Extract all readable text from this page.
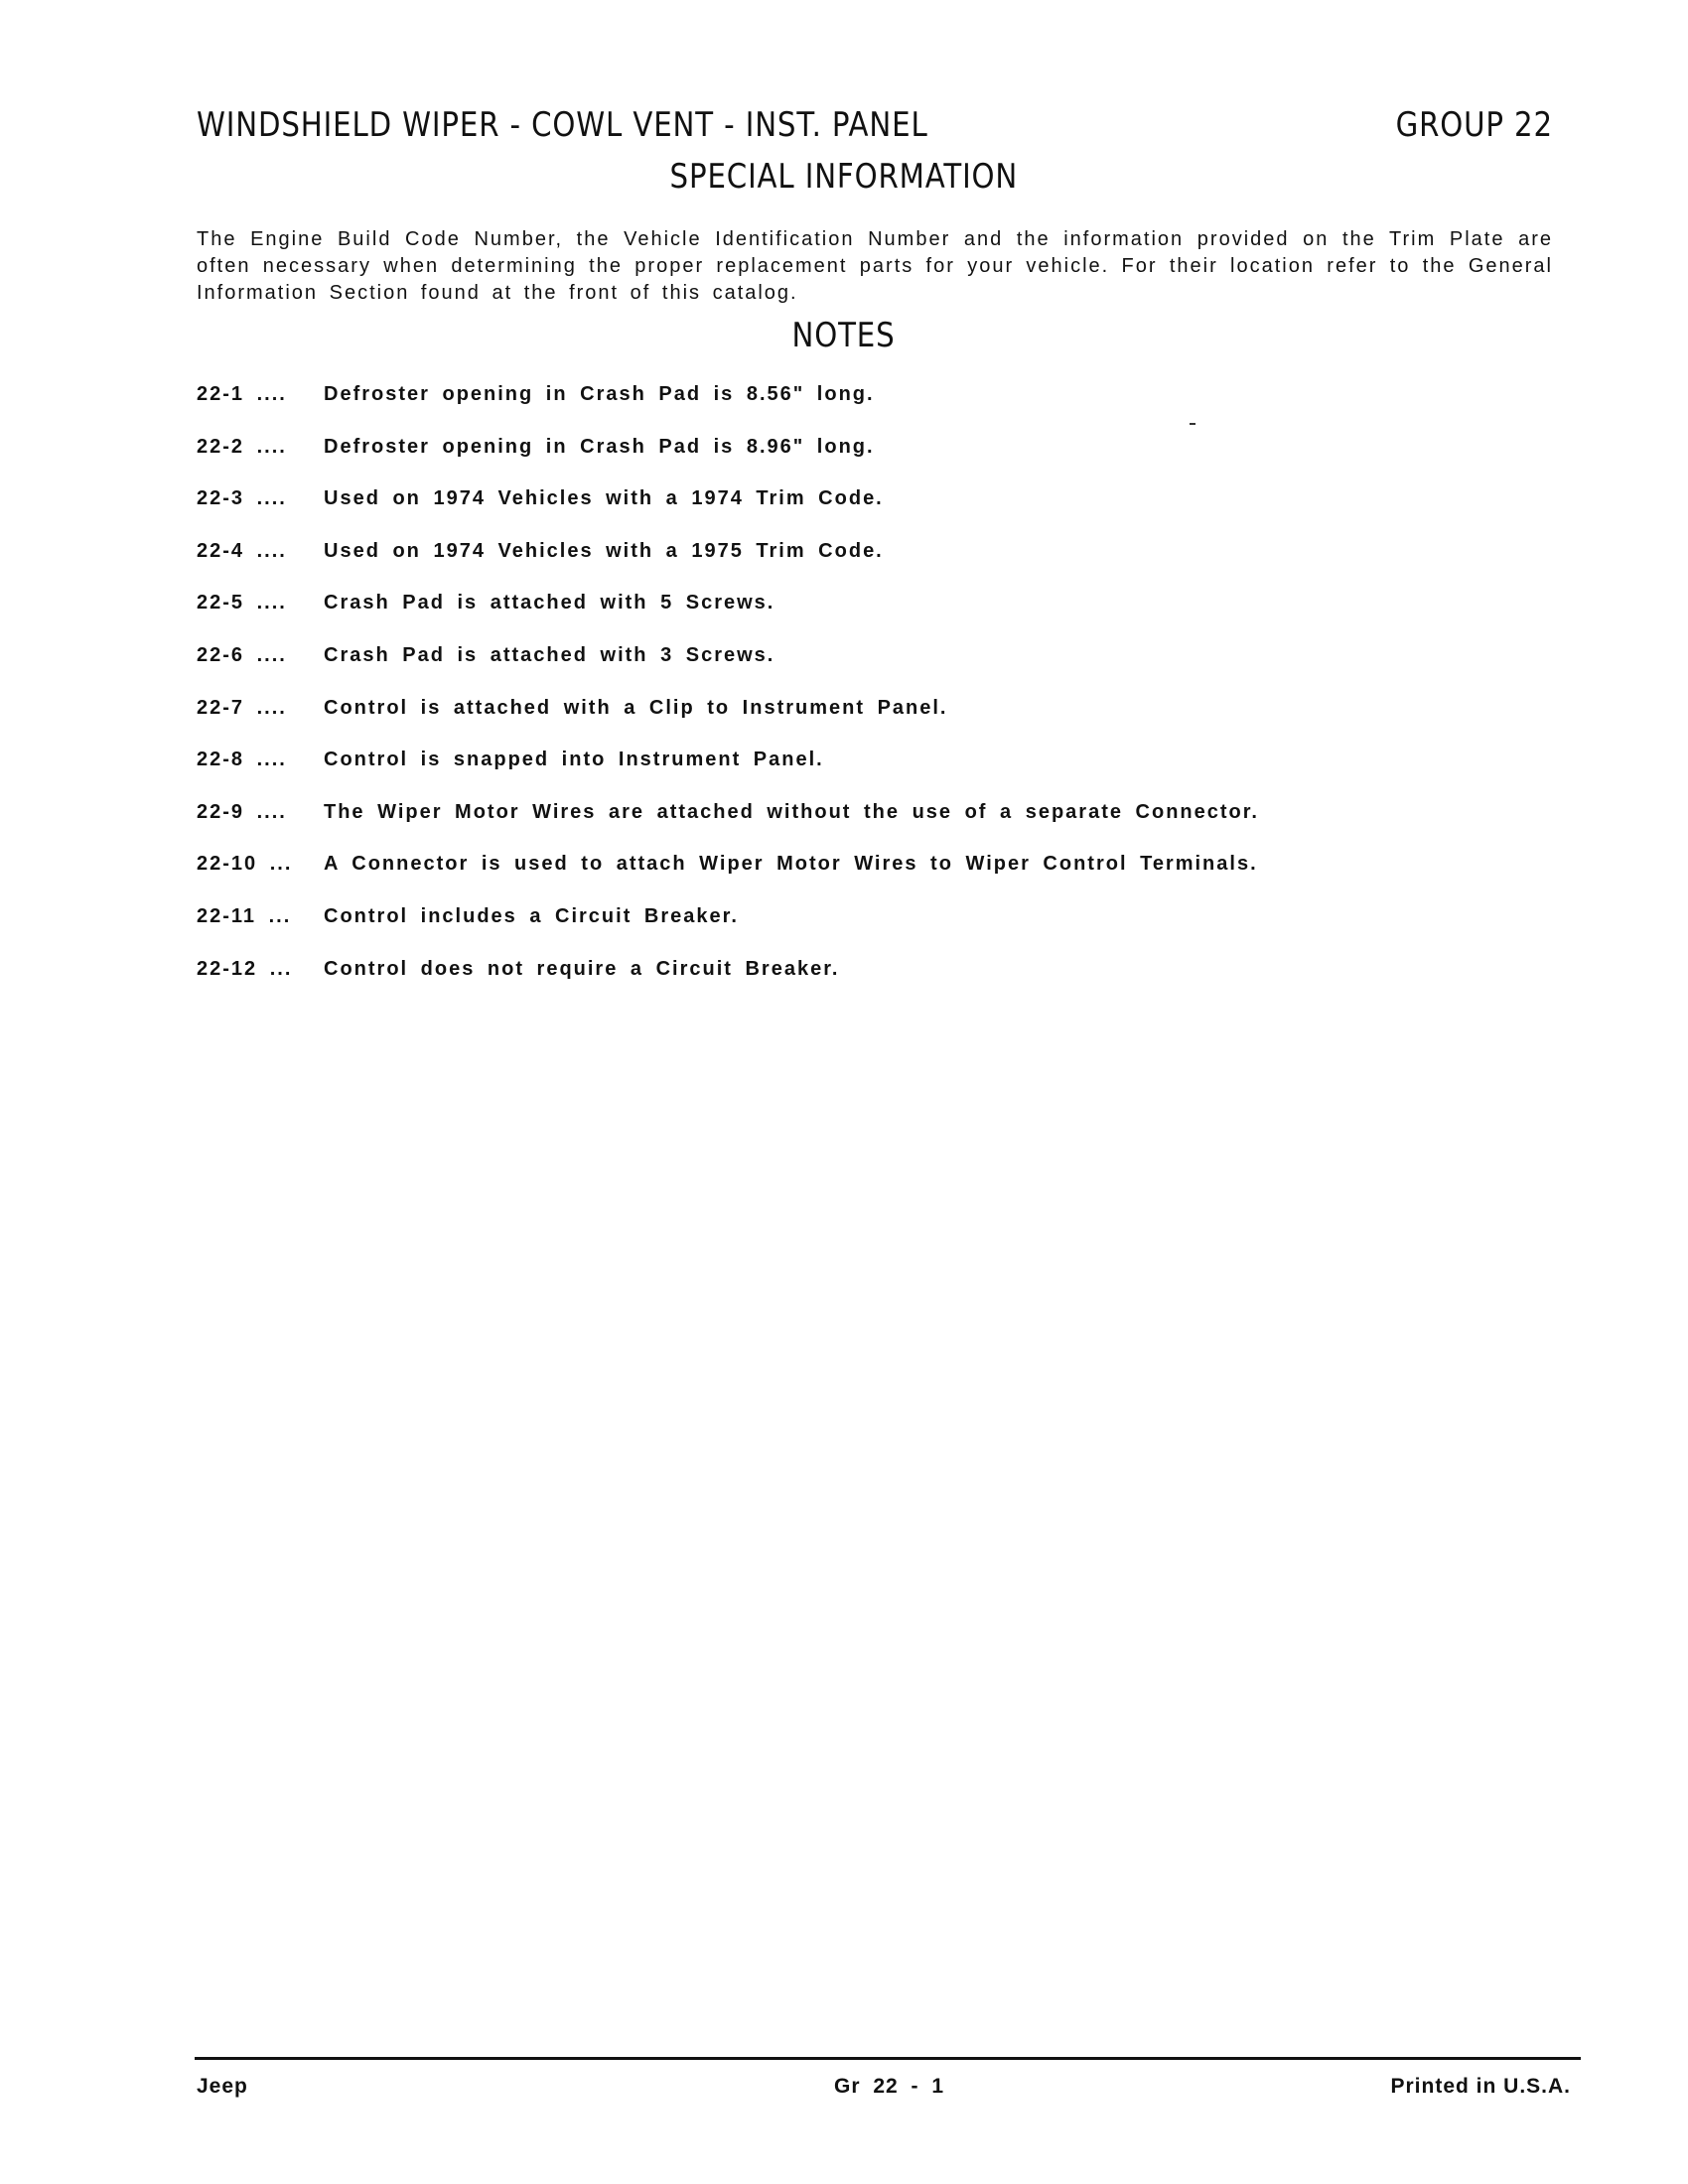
WINDSHIELD WIPER - COWL VENT - INST. PANEL	GROUP 22
SPECIAL INFORMATION
The Engine Build Code Number, the Vehicle Identification Number and the information provided on the Trim Plate are often necessary when determining the proper replacement parts for your vehicle. For their location refer to the General Information Section found at the front of this catalog.
NOTES
22-1 ....	Defroster opening in Crash Pad is 8.56" long.
22-2 ....	Defroster opening in Crash Pad is 8.96" long.
22-3 ....	Used on 1974 Vehicles with a 1974 Trim Code.
22-4 ....	Used on 1974 Vehicles with a 1975 Trim Code.
22-5 ....	Crash Pad is attached with 5 Screws.
22-6 ....	Crash Pad is attached with 3 Screws.
22-7 ....	Control is attached with a Clip to Instrument Panel.
22-8 ....	Control is snapped into Instrument Panel.
22-9 ....	The Wiper Motor Wires are attached without the use of a separate Connector.
22-10 ...	A Connector is used to attach Wiper Motor Wires to Wiper Control Terminals.
22-11 ...	Control includes a Circuit Breaker.
22-12 ...	Control does not require a Circuit Breaker.
Jeep	Gr 22 - 1	Printed in U.S.A.
